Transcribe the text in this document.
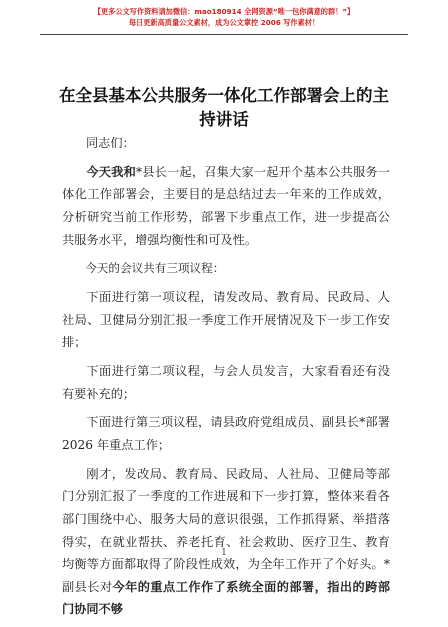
【更多公文写作资料请加微信：mao180914 全网资源“唯一包你满意的群！”】
每日更新高质量公文素材，成为公文掌控 2006 写作素材！
在全县基本公共服务一体化工作部署会上的主持讲话

同志们：

今天我和*县长一起，召集大家一起开个基本公共服务一体化工作部署会，主要目的是总结过去一年来的工作成效，分析研究当前工作形势，部署下步重点工作，进一步提高公共服务水平，增强均衡性和可及性。

今天的会议共有三项议程：

下面进行第一项议程，请发改局、教育局、民政局、人社局、卫健局分别汇报一季度工作开展情况及下一步工作安排；

下面进行第二项议程，与会人员发言，大家看看还有没有要补充的；

下面进行第三项议程，请县政府党组成员、副县长*部署 2026 年重点工作；

刚才，发改局、教育局、民政局、人社局、卫健局等部门分别汇报了一季度的工作进展和下一步打算，整体来看各部门围绕中心、服务大局的意识很强，工作抓得紧、举措落得实，在就业帮扶、养老托育、社会救助、医疗卫生、教育均衡等方面都取得了阶段性成效，为全年工作开了个好头。*副县长对今年的重点工作作了系统全面的部署，指出的跨部门协同不够

1
